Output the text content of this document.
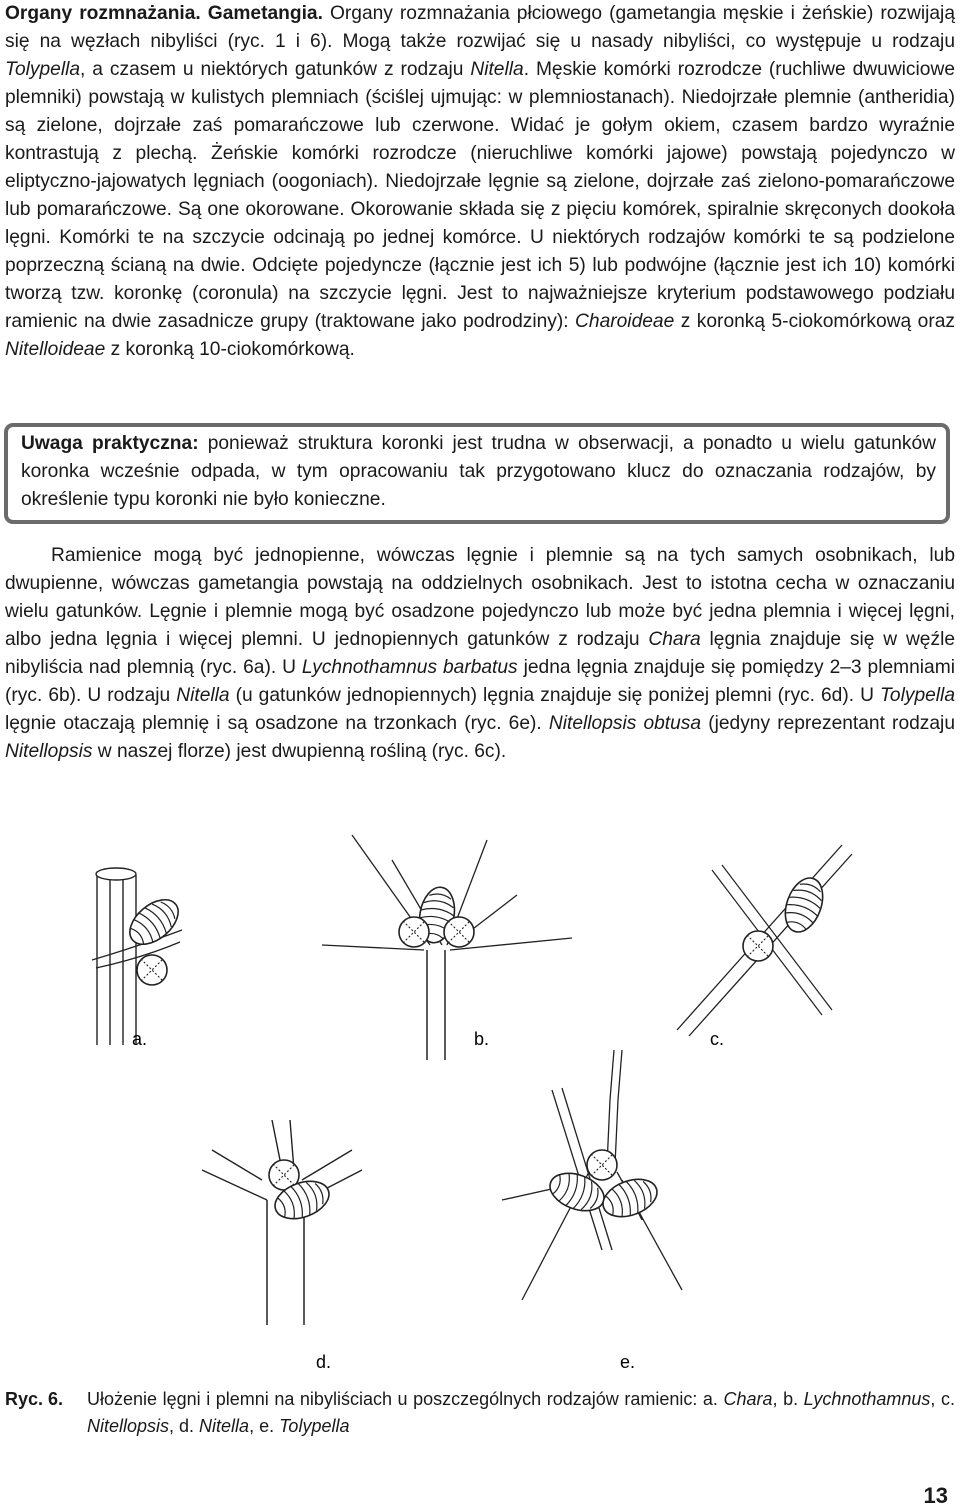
Organy rozmnażania. Gametangia. Organy rozmnażania płciowego (gametangia męskie i żeńskie) rozwijają się na węzłach nibyliści (ryc. 1 i 6). Mogą także rozwijać się u nasady nibyliści, co występuje u rodzaju Tolypella, a czasem u niektórych gatunków z rodzaju Nitella. Męskie komórki rozrodcze (ruchliwe dwuwiciowe plemniki) powstają w kulistych plemniach (ściślej ujmując: w plemniostanach). Niedojrzałe plemnie (antheridia) są zielone, dojrzałe zaś pomarańczowe lub czerwone. Widać je gołym okiem, czasem bardzo wyraźnie kontrastują z plechą. Żeńskie komórki rozrodcze (nieruchliwe komórki jajowe) powstają pojedynczo w eliptyczno-jajowatych lęgniach (oogoniach). Niedojrzałe lęgnie są zielone, dojrzałe zaś zielono-pomarańczowe lub pomarańczowe. Są one okorowane. Okorowanie składa się z pięciu komórek, spiralnie skręconych dookoła lęgni. Komórki te na szczycie odcinają po jednej komórce. U niektórych rodzajów komórki te są podzielone poprzeczną ścianą na dwie. Odcięte pojedyncze (łącznie jest ich 5) lub podwójne (łącznie jest ich 10) komórki tworzą tzw. koronkę (coronula) na szczycie lęgni. Jest to najważniejsze kryterium podstawowego podziału ramienic na dwie zasadnicze grupy (traktowane jako podrodziny): Charoideae z koronką 5-ciokomórkową oraz Nitelloideae z koronką 10-ciokomórkową.

Uwaga praktyczna: ponieważ struktura koronki jest trudna w obserwacji, a ponadto u wielu gatunków koronka wcześnie odpada, w tym opracowaniu tak przygotowano klucz do oznaczania rodzajów, by określenie typu koronki nie było konieczne.

Ramienice mogą być jednopienne, wówczas lęgnie i plemnie są na tych samych osobnikach, lub dwupienne, wówczas gametangia powstają na oddzielnych osobnikach. Jest to istotna cecha w oznaczaniu wielu gatunków. Lęgnie i plemnie mogą być osadzone pojedynczo lub może być jedna plemnia i więcej lęgni, albo jedna lęgnia i więcej plemni. U jednopiennych gatunków z rodzaju Chara lęgnia znajduje się w węźle nibyliścia nad plemnią (ryc. 6a). U Lychnothamnus barbatus jedna lęgnia znajduje się pomiędzy 2–3 plemniami (ryc. 6b). U rodzaju Nitella (u gatunków jednopiennych) lęgnia znajduje się poniżej plemni (ryc. 6d). U Tolypella lęgnie otaczają plemnię i są osadzone na trzonkach (ryc. 6e). Nitellopsis obtusa (jedyny reprezentant rodzaju Nitellopsis w naszej florze) jest dwupienną rośliną (ryc. 6c).

a.	b.	c.
d.	e.
Ryc. 6. Ułożenie lęgni i plemni na nibyliściach u poszczególnych rodzajów ramienic: a. Chara, b. Lychnothamnus, c. Nitellopsis, d. Nitella, e. Tolypella
13
